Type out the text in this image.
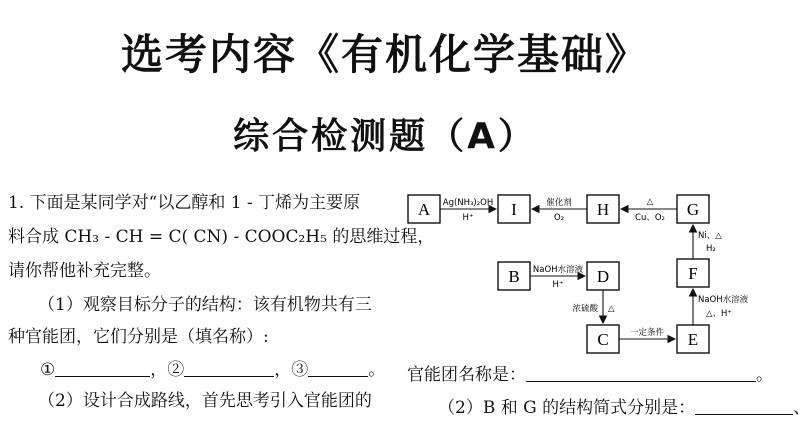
选考内容《有机化学基础》
综合检测题（A）
1. 下面是某同学对“以乙醇和 1 - 丁烯为主要原
料合成 CH₃ - CH = C( CN) - COOC₂H₅ 的思维过程，
请你帮他补充完整。
（1）观察目标分子的结构：该有机物共有三
种官能团，它们分别是（填名称）:
①	，②	，③	。
（2）设计合成路线，首先思考引入官能团的
官能团名称是：	。
（2）B 和 G 的结构简式分别是：	、
A	I	H	G
B	D	F
C	E
Ag(NH₃)₂OH
H⁺
催化剂
O₂
△
Cu、O₂
Ni、△
H₂
NaOH水溶液
H⁺
浓硫酸 △
一定条件
NaOH水溶液
△、H⁺
